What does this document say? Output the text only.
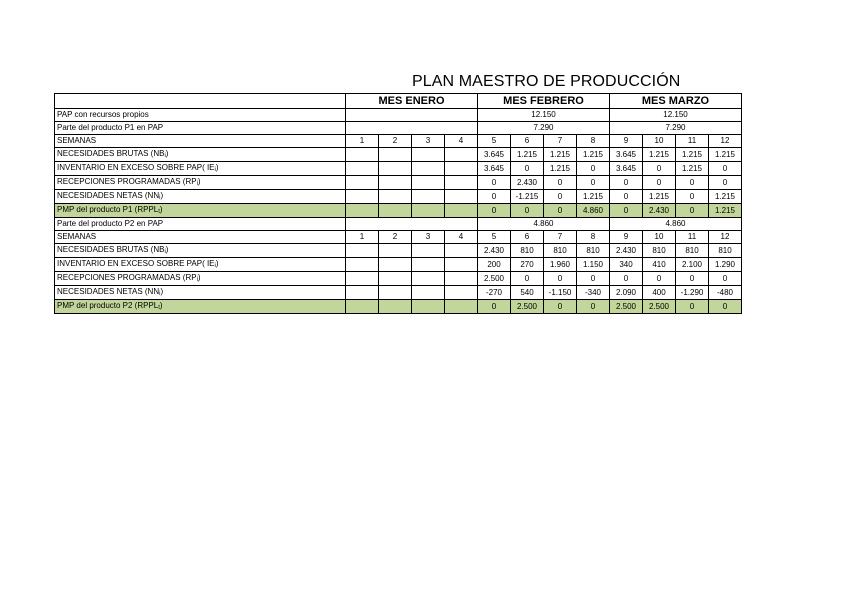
PLAN MAESTRO DE PRODUCCIÓN
	MES ENERO				MES FEBRERO				MES MARZO			
PAP con recursos propios					12.150				12.150			
Parte del producto P1 en PAP					7.290				7.290			
SEMANAS	1	2	3	4	5	6	7	8	9	10	11	12
NECESIDADES BRUTAS $(NB_i)$					3.645	1.215	1.215	1.215	3.645	1.215	1.215	1.215
INVENTARIO EN EXCESO SOBRE PAP( $IE_i$)					3.645	0	1.215	0	3.645	0	1.215	0
RECEPCIONES PROGRAMADAS $(RP_i)$					0	2.430	0	0	0	0	0	0
NECESIDADES NETAS $(NN_i)$					0	-1.215	0	1.215	0	1.215	0	1.215
PMP del producto P1 $(RPPL_t)$					0	0	0	4.860	0	2.430	0	1.215
Parte del producto P2 en PAP					4.860				4.860			
SEMANAS	1	2	3	4	5	6	7	8	9	10	11	12
NECESIDADES BRUTAS $(NB_i)$					2.430	810	810	810	2.430	810	810	810
INVENTARIO EN EXCESO SOBRE PAP( $IE_i$)					200	270	1.960	1.150	340	410	2.100	1.290
RECEPCIONES PROGRAMADAS $(RP_i)$					2.500	0	0	0	0	0	0	0
NECESIDADES NETAS $(NN_i)$					-270	540	-1.150	-340	2.090	400	-1.290	-480
PMP del producto P2 $(RPPL_t)$					0	2.500	0	0	2.500	2.500	0	0
